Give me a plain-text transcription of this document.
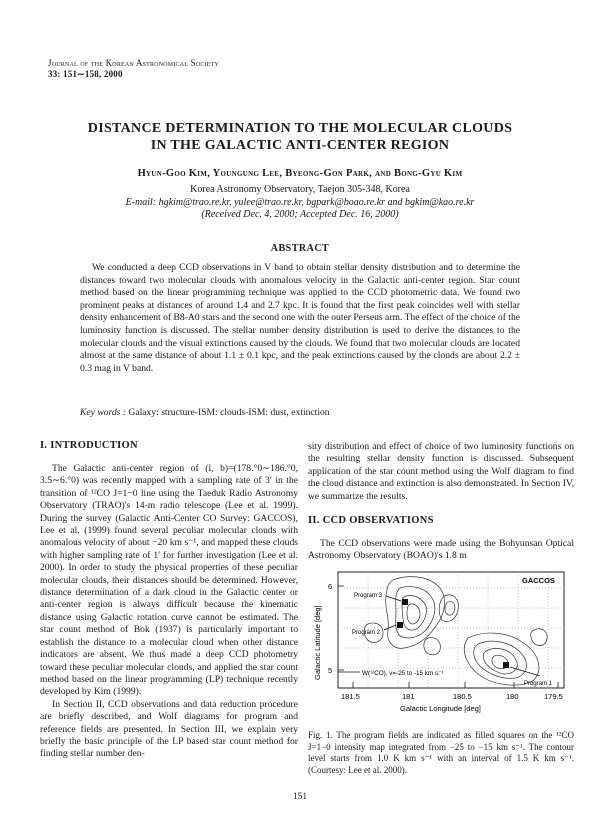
Journal of the Korean Astronomical Society
33: 151∼158, 2000
DISTANCE DETERMINATION TO THE MOLECULAR CLOUDS
IN THE GALACTIC ANTI-CENTER REGION
Hyun-Goo Kim, Youngung Lee, Byeong-Gon Park, and Bong-Gyu Kim
Korea Astronomy Observatory, Taejon 305-348, Korea
E-mail: hgkim@trao.re.kr, yulee@trao.re.kr, bgpark@boao.re.kr and bgkim@kao.re.kr
(Received Dec. 4, 2000; Accepted Dec. 16, 2000)
ABSTRACT
We conducted a deep CCD observations in V band to obtain stellar density distribution and to determine the distances toward two molecular clouds with anomalous velocity in the Galactic anti-center region. Star count method based on the linear programming technique was applied to the CCD photometric data. We found two prominent peaks at distances of around 1.4 and 2.7 kpc. It is found that the first peak coincides well with stellar density enhancement of B8-A0 stars and the second one with the outer Perseus arm. The effect of the choice of the luminosity function is discussed. The stellar number density distribution is used to derive the distances to the molecular clouds and the visual extinctions caused by the clouds. We found that two molecular clouds are located almost at the same distance of about 1.1 ± 0.1 kpc, and the peak extinctions caused by the clouds are about 2.2 ± 0.3 mag in V band.
Key words : Galaxy: structure-ISM: clouds-ISM: dust, extinction
I. INTRODUCTION

The Galactic anti-center region of (l, b)=(178.°0∼186.°0, 3.5∼6.°0) was recently mapped with a sampling rate of 3′ in the transition of ¹²CO J=1−0 line using the Taeduk Radio Astronomy Observatory (TRAO)'s 14-m radio telescope (Lee et al. 1999). During the survey (Galactic Anti-Center CO Survey: GACCOS), Lee et al. (1999) found several peculiar molecular clouds with anomalous velocity of about −20 km s⁻¹, and mapped these clouds with higher sampling rate of 1′ for further investigation (Lee et al. 2000). In order to study the physical properties of these peculiar molecular clouds, their distances should be determined. However, distance determination of a dark cloud in the Galactic center or anti-center region is always difficult because the kinematic distance using Galactic rotation curve cannot be estimated. The star count method of Bok (1937) is particularly important to establish the distance to a molecular cloud when other distance indicators are absent. We thus made a deep CCD photometry toward these peculiar molecular clouds, and applied the star count method based on the linear programming (LP) technique recently developed by Kim (1999).

In Section II, CCD observations and data reduction procedure are briefly described, and Wolf diagrams for program and reference fields are presented. In Section III, we explain very briefly the basic principle of the LP based star count method for finding stellar number den-

sity distribution and effect of choice of two luminosity functions on the resulting stellar density function is discussed. Subsequent application of the star count method using the Wolf diagram to find the cloud distance and extinction is also demonstrated. In Section IV, we summarize the results.

II. CCD OBSERVATIONS

The CCD observations were made using the Bohyunsan Optical Astronomy Observatory (BOAO)'s 1.8 m

GACCOS
Program 3
Program 2
Program 1
W(¹²CO), v=-25 to -15 km s⁻¹
6
5
Galactic Latitude [deg]
181.5	181	180.5	180	179.5
Galactic Longitude [deg]
Fig. 1. The program fields are indicated as filled squares on the ¹²CO J=1−0 intensity map integrated from −25 to −15 km s⁻¹. The contour level starts from 1.0 K km s⁻¹ with an interval of 1.5 K km s⁻¹. (Courtesy: Lee et al. 2000).
151
